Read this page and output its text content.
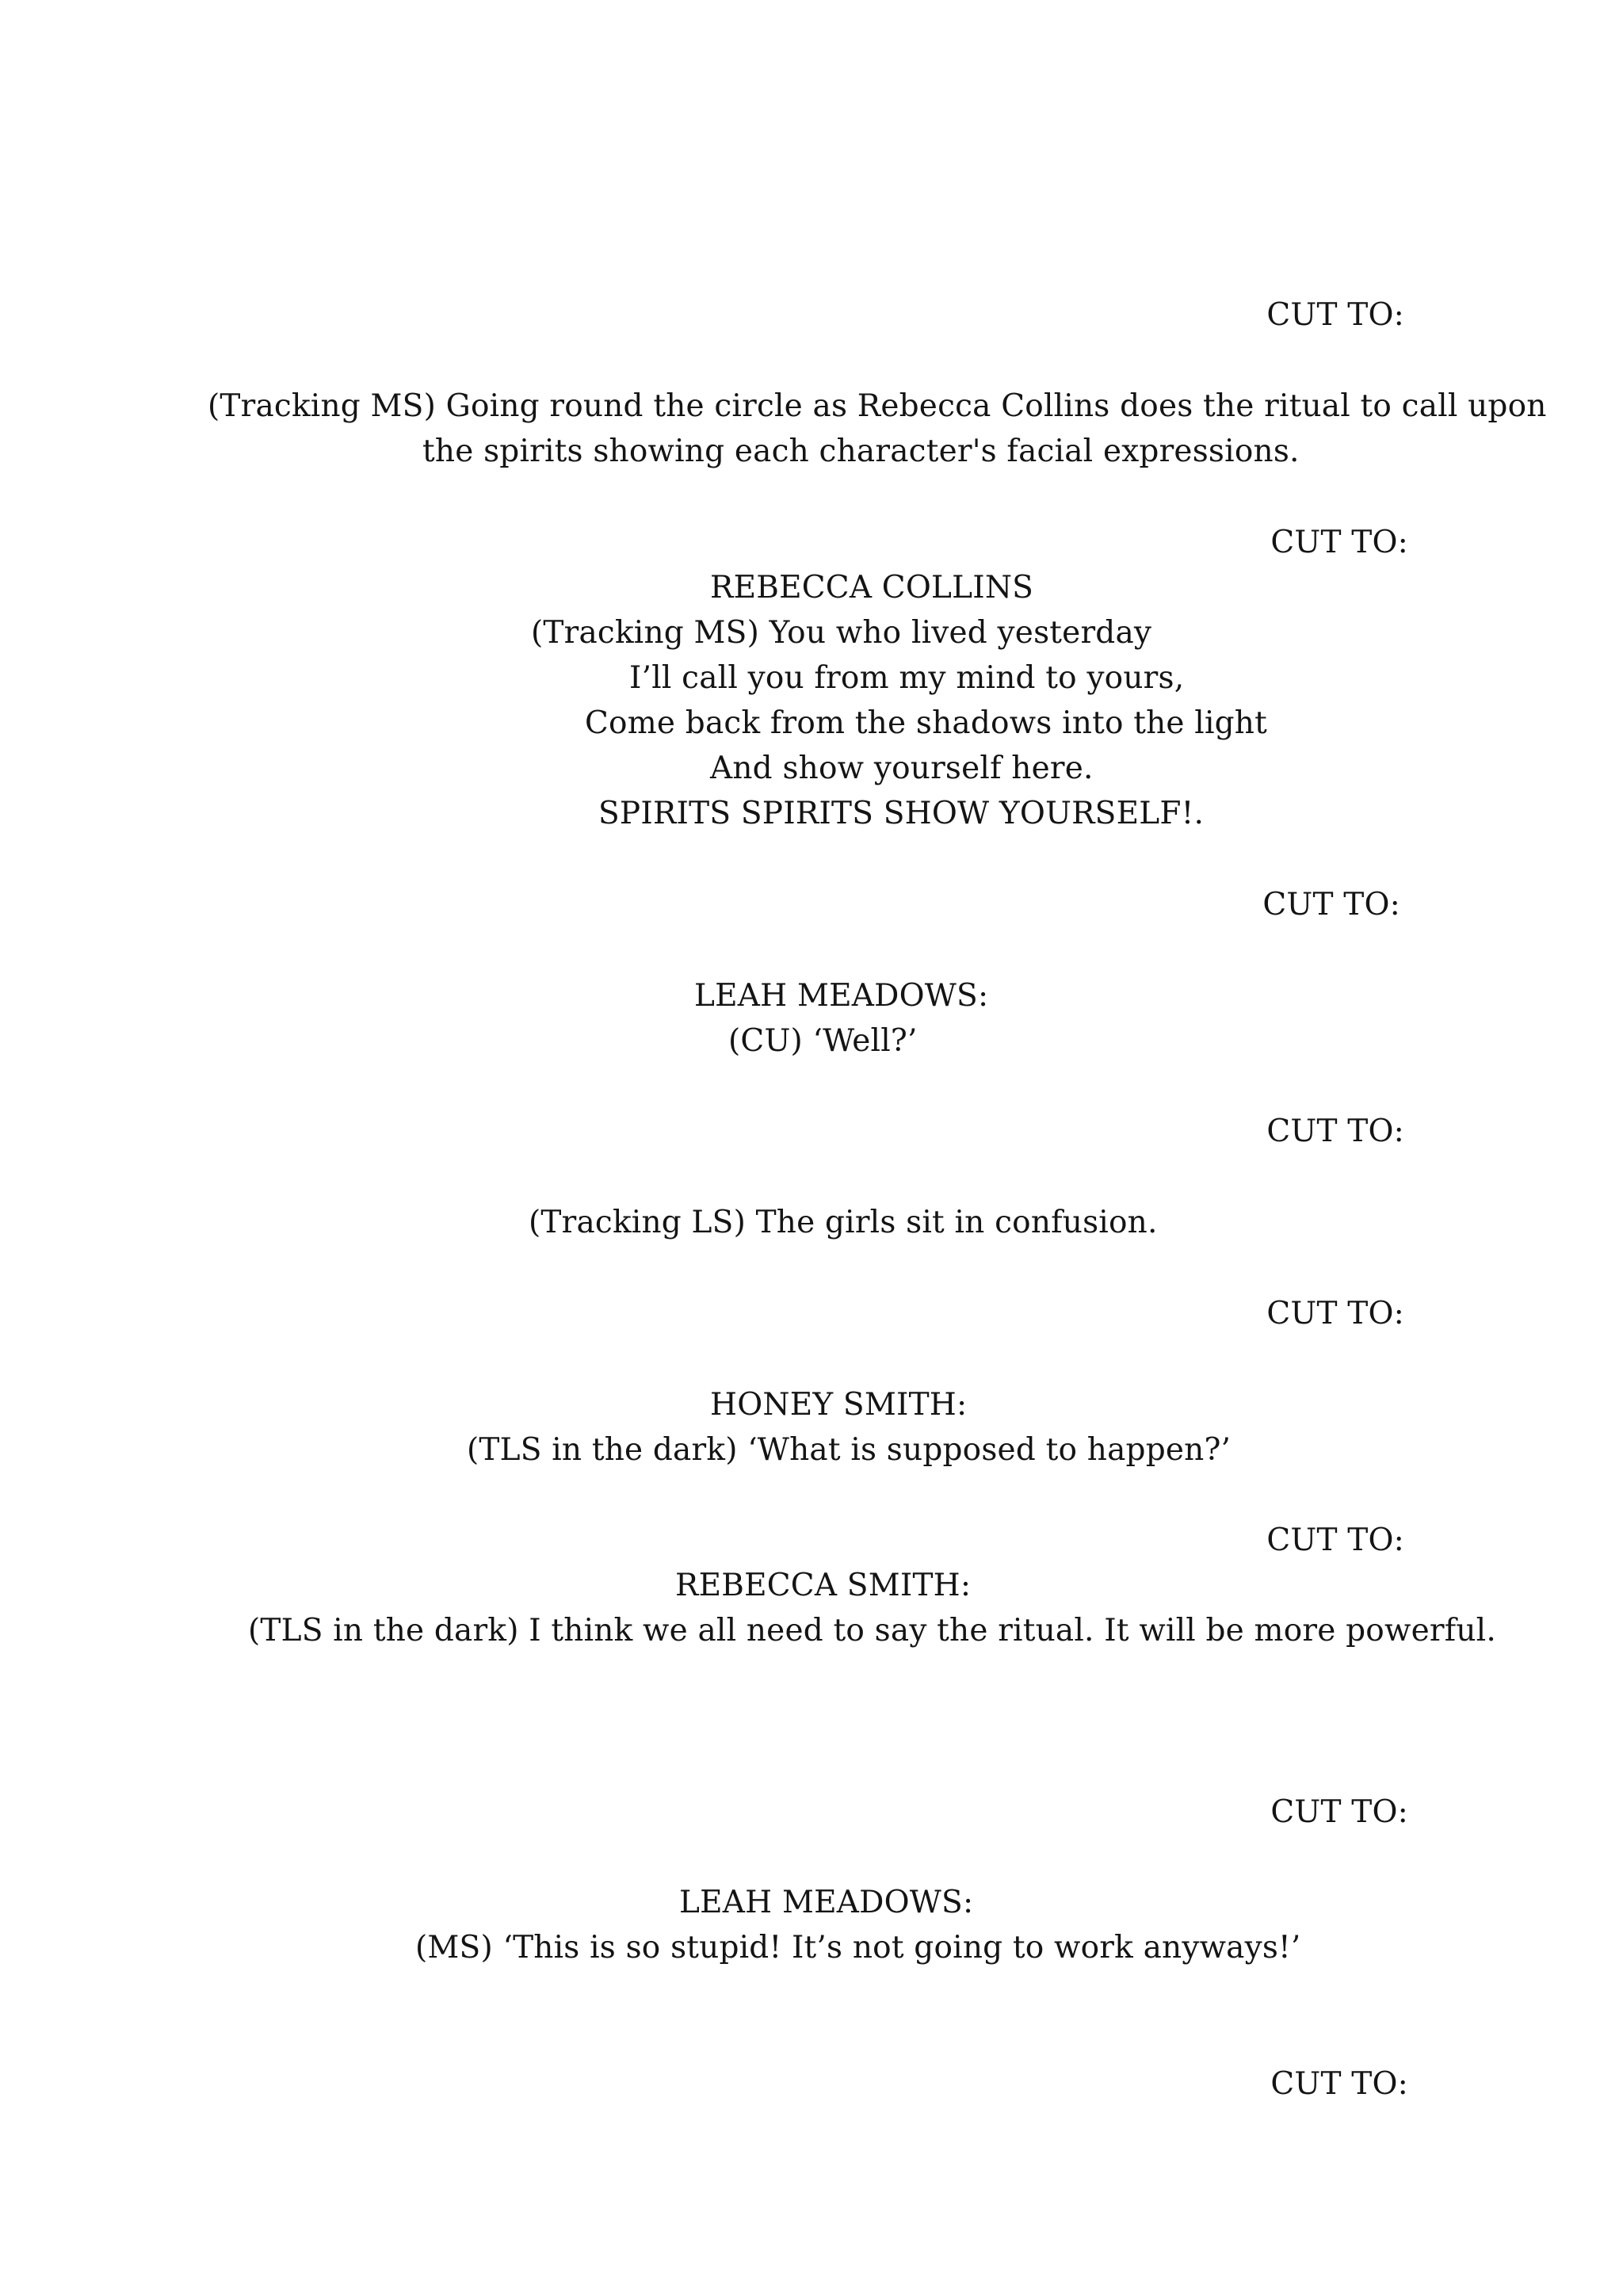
CUT TO:
(Tracking MS) Going round the circle as Rebecca Collins does the ritual to call upon
the spirits showing each character's facial expressions.
CUT TO:
REBECCA COLLINS
(Tracking MS) You who lived yesterday
I’ll call you from my mind to yours,
Come back from the shadows into the light
And show yourself here.
SPIRITS SPIRITS SHOW YOURSELF!.
CUT TO:
LEAH MEADOWS:
(CU) ‘Well?’
CUT TO:
(Tracking LS) The girls sit in confusion.
CUT TO:
HONEY SMITH:
(TLS in the dark) ‘What is supposed to happen?’
CUT TO:
REBECCA SMITH:
(TLS in the dark) I think we all need to say the ritual. It will be more powerful.
CUT TO:
LEAH MEADOWS:
(MS) ‘This is so stupid! It’s not going to work anyways!’
CUT TO:
